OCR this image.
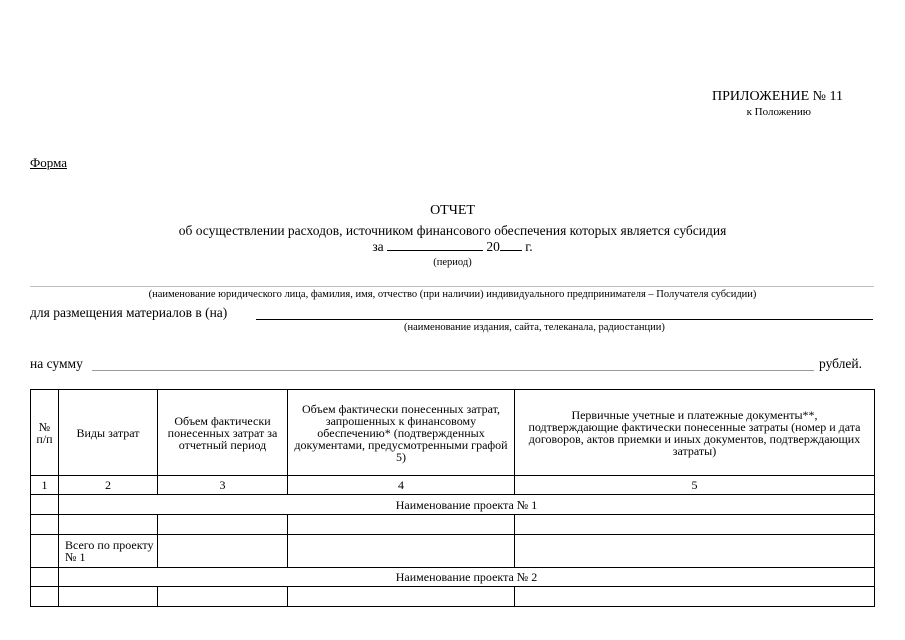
ПРИЛОЖЕНИЕ № 11
к Положению
Форма
ОТЧЕТ
об осуществлении расходов, источником финансового обеспечения которых является субсидия
за	20 г.
(период)
(наименование юридического лица, фамилия, имя, отчество (при наличии) индивидуального предпринимателя – Получателя субсидии)
для размещения материалов в (на)
(наименование издания, сайта, телеканала, радиостанции)
на сумму	рублей.
№ п/п	Виды затрат	Объем фактически понесенных затрат за отчетный период	Объем фактически понесенных затрат, запрошенных к финансовому обеспечению* (подтвержденных документами, предусмотренными графой 5)	Первичные учетные и платежные документы**, подтверждающие фактически понесенные затраты (номер и дата договоров, актов приемки и иных документов, подтверждающих затраты)
1	2	3	4	5
	Наименование проекта № 1			

	Всего по проекту № 1			
	Наименование проекта № 2			
